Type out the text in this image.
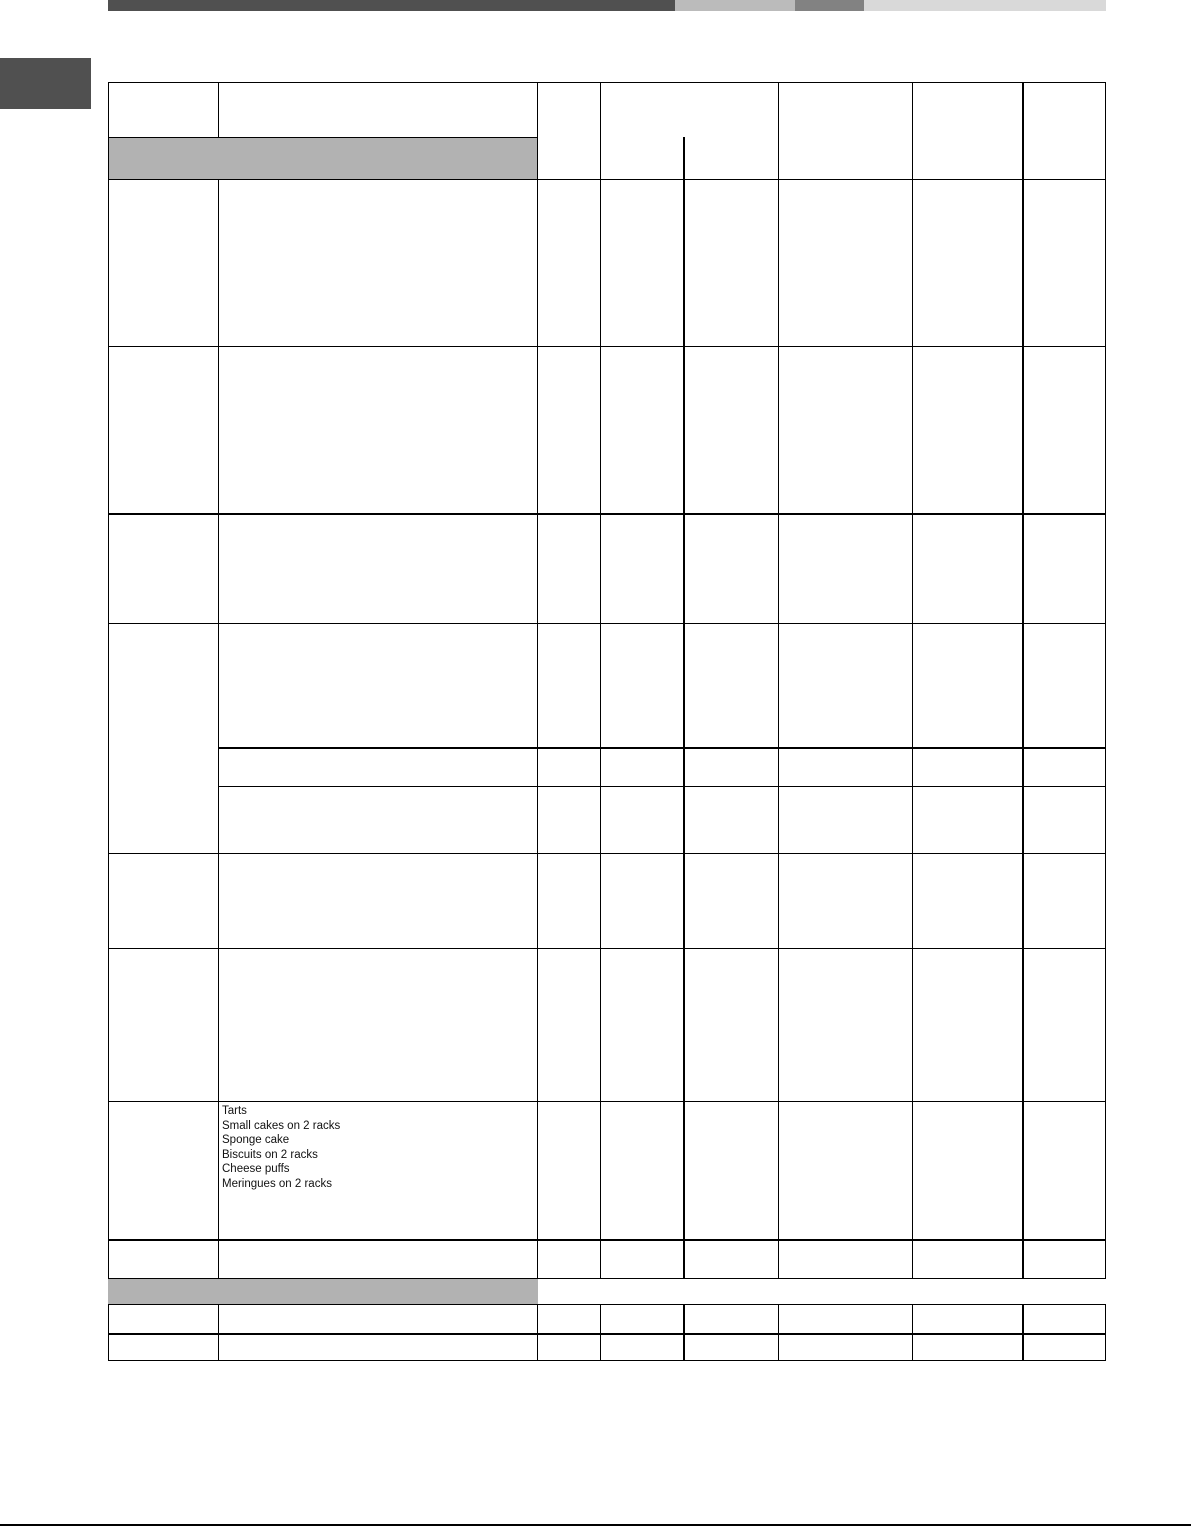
Tarts
Small cakes on 2 racks
Sponge cake
Biscuits on 2 racks
Cheese puffs
Meringues on 2 racks
